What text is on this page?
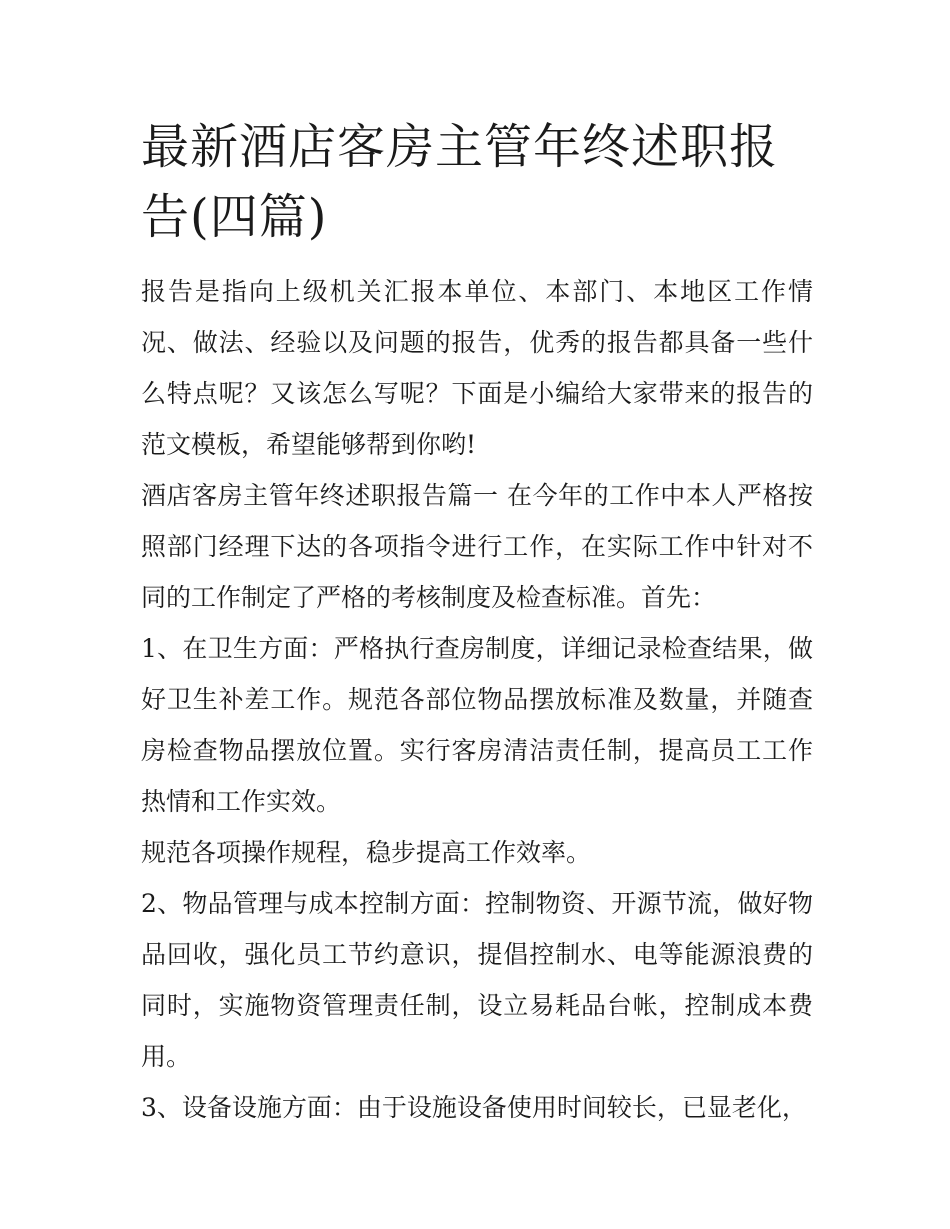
最新酒店客房主管年终述职报告(四篇)

报告是指向上级机关汇报本单位、本部门、本地区工作情况、做法、经验以及问题的报告，优秀的报告都具备一些什么特点呢？又该怎么写呢？下面是小编给大家带来的报告的范文模板，希望能够帮到你哟!

酒店客房主管年终述职报告篇一 在今年的工作中本人严格按照部门经理下达的各项指令进行工作，在实际工作中针对不同的工作制定了严格的考核制度及检查标准。首先：

1、在卫生方面：严格执行查房制度，详细记录检查结果，做好卫生补差工作。规范各部位物品摆放标准及数量，并随查房检查物品摆放位置。实行客房清洁责任制，提高员工工作热情和工作实效。

规范各项操作规程，稳步提高工作效率。

2、物品管理与成本控制方面：控制物资、开源节流，做好物品回收，强化员工节约意识，提倡控制水、电等能源浪费的同时，实施物资管理责任制，设立易耗品台帐，控制成本费用。

3、设备设施方面：由于设施设备使用时间较长，已显老化，
